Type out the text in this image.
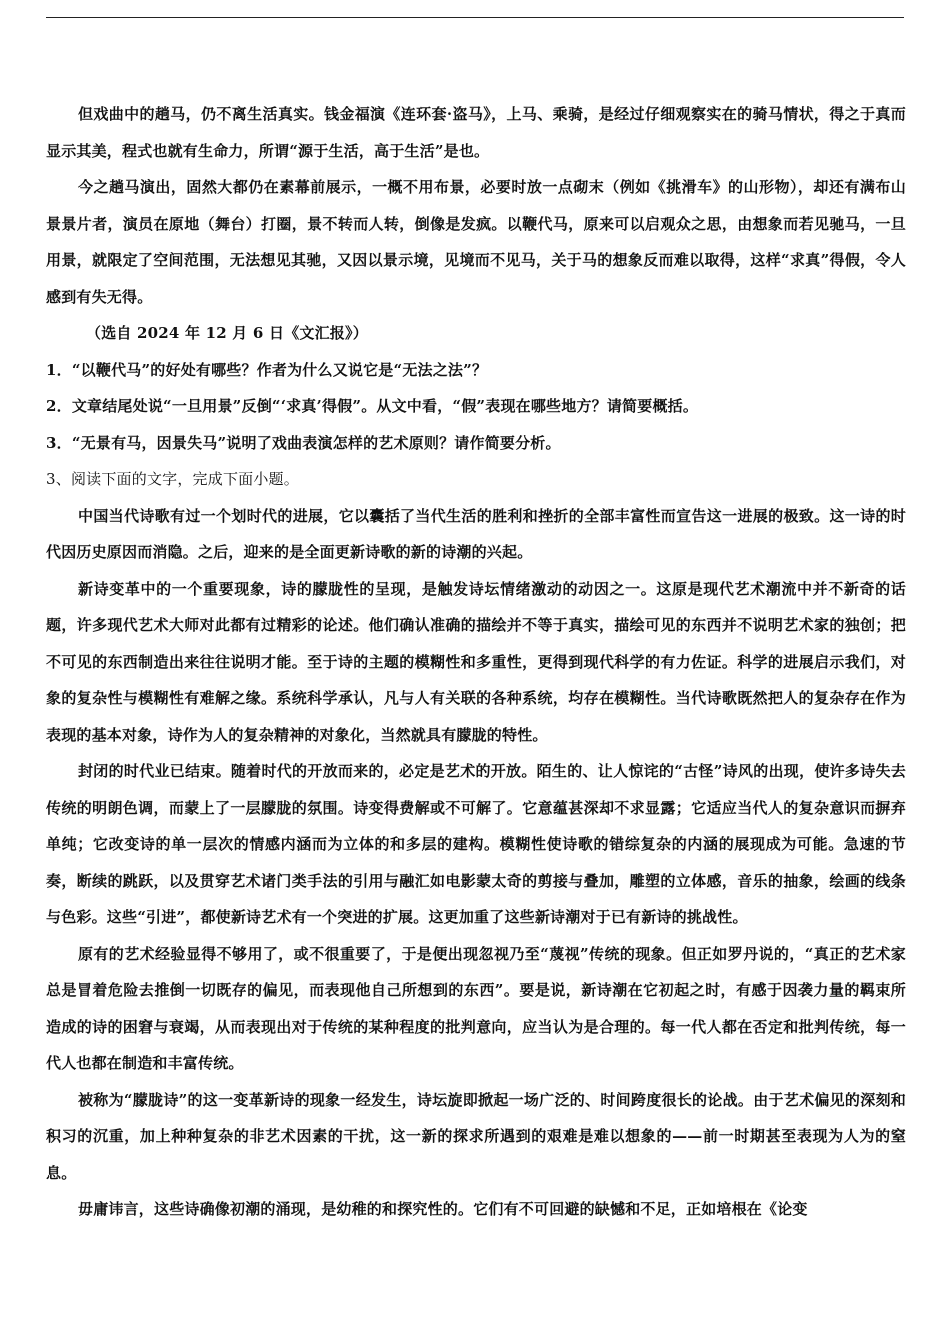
但戏曲中的趟马，仍不离生活真实。钱金福演《连环套·盗马》，上马、乘骑，是经过仔细观察实在的骑马情状，得之于真而显示其美，程式也就有生命力，所谓“源于生活，高于生活”是也。

今之趟马演出，固然大都仍在素幕前展示，一概不用布景，必要时放一点砌末（例如《挑滑车》的山形物），却还有满布山景景片者，演员在原地（舞台）打圈，景不转而人转，倒像是发疯。以鞭代马，原来可以启观众之思，由想象而若见驰马，一旦用景，就限定了空间范围，无法想见其驰，又因以景示境，见境而不见马，关于马的想象反而难以取得，这样“求真”得假，令人感到有失无得。

（选自 2024 年 12 月 6 日《文汇报》）

1．“以鞭代马”的好处有哪些？作者为什么又说它是“无法之法”？

2．文章结尾处说“一旦用景”反倒“‘求真’得假”。从文中看，“假”表现在哪些地方？请简要概括。

3．“无景有马，因景失马”说明了戏曲表演怎样的艺术原则？请作简要分析。

3、阅读下面的文字，完成下面小题。

中国当代诗歌有过一个划时代的进展，它以囊括了当代生活的胜利和挫折的全部丰富性而宣告这一进展的极致。这一诗的时代因历史原因而消隐。之后，迎来的是全面更新诗歌的新的诗潮的兴起。

新诗变革中的一个重要现象，诗的朦胧性的呈现，是触发诗坛情绪激动的动因之一。这原是现代艺术潮流中并不新奇的话题，许多现代艺术大师对此都有过精彩的论述。他们确认准确的描绘并不等于真实，描绘可见的东西并不说明艺术家的独创；把不可见的东西制造出来往往说明才能。至于诗的主题的模糊性和多重性，更得到现代科学的有力佐证。科学的进展启示我们，对象的复杂性与模糊性有难解之缘。系统科学承认，凡与人有关联的各种系统，均存在模糊性。当代诗歌既然把人的复杂存在作为表现的基本对象，诗作为人的复杂精神的对象化，当然就具有朦胧的特性。

封闭的时代业已结束。随着时代的开放而来的，必定是艺术的开放。陌生的、让人惊诧的“古怪”诗风的出现，使许多诗失去传统的明朗色调，而蒙上了一层朦胧的氛围。诗变得费解或不可解了。它意蕴甚深却不求显露；它适应当代人的复杂意识而摒弃单纯；它改变诗的单一层次的情感内涵而为立体的和多层的建构。模糊性使诗歌的错综复杂的内涵的展现成为可能。急速的节奏，断续的跳跃，以及贯穿艺术诸门类手法的引用与融汇如电影蒙太奇的剪接与叠加，雕塑的立体感，音乐的抽象，绘画的线条与色彩。这些“引进”，都使新诗艺术有一个突进的扩展。这更加重了这些新诗潮对于已有新诗的挑战性。

原有的艺术经验显得不够用了，或不很重要了，于是便出现忽视乃至“蔑视”传统的现象。但正如罗丹说的，“真正的艺术家总是冒着危险去推倒一切既存的偏见，而表现他自己所想到的东西”。要是说，新诗潮在它初起之时，有感于因袭力量的羁束所造成的诗的困窘与衰竭，从而表现出对于传统的某种程度的批判意向，应当认为是合理的。每一代人都在否定和批判传统，每一代人也都在制造和丰富传统。

被称为“朦胧诗”的这一变革新诗的现象一经发生，诗坛旋即掀起一场广泛的、时间跨度很长的论战。由于艺术偏见的深刻和积习的沉重，加上种种复杂的非艺术因素的干扰，这一新的探求所遇到的艰难是难以想象的——前一时期甚至表现为人为的窒息。

毋庸讳言，这些诗确像初潮的涌现，是幼稚的和探究性的。它们有不可回避的缺憾和不足，正如培根在《论变
